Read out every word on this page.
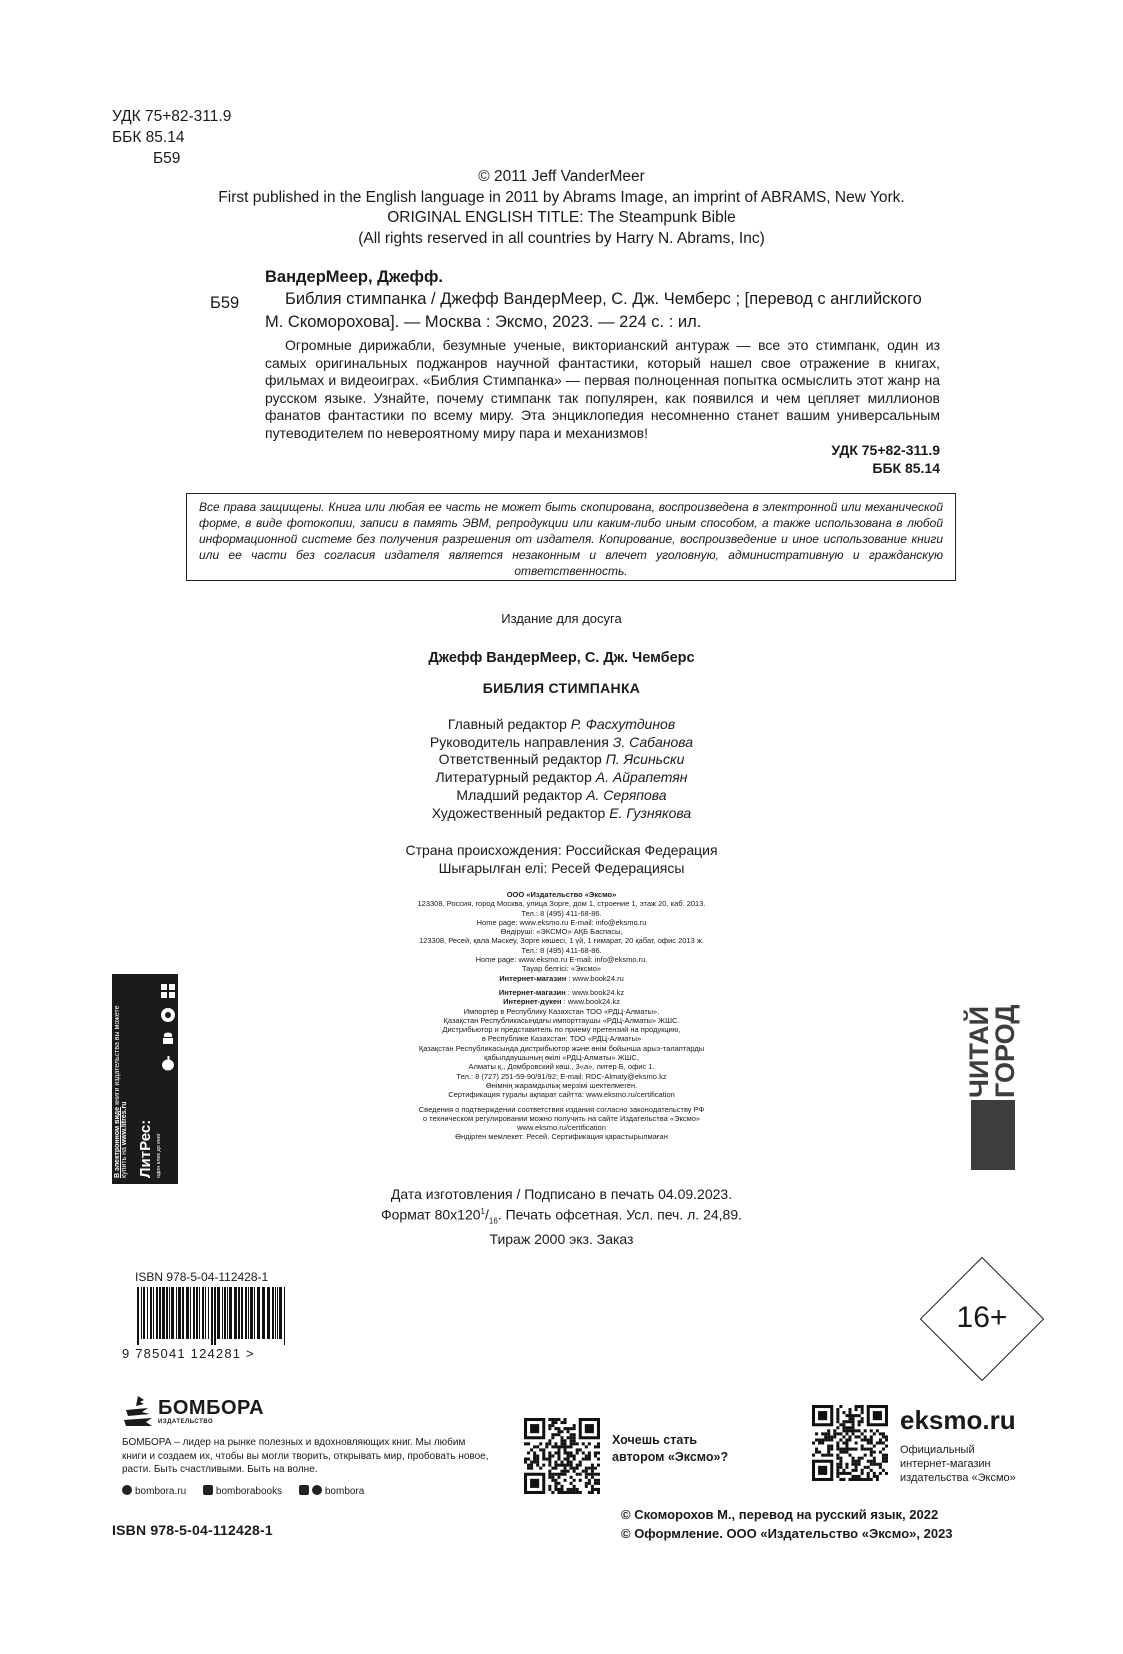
УДК 75+82-311.9
ББК 85.14
Б59
© 2011 Jeff VanderMeer
First published in the English language in 2011 by Abrams Image, an imprint of ABRAMS, New York.
ORIGINAL ENGLISH TITLE: The Steampunk Bible
(All rights reserved in all countries by Harry N. Abrams, Inc)
ВандерМеер, Джефф.
Б59	Библия стимпанка / Джефф ВандерМеер, С. Дж. Чемберс ; [перевод с английского М. Скоморохова]. — Москва : Эксмо, 2023. — 224 с. : ил.
Огромные дирижабли, безумные ученые, викторианский антураж — все это стимпанк, один из самых оригинальных поджанров научной фантастики, который нашел свое отражение в книгах, фильмах и видеоиграх. «Библия Стимпанка» — первая полноценная попытка осмыслить этот жанр на русском языке. Узнайте, почему стимпанк так популярен, как появился и чем цепляет миллионов фанатов фантастики по всему миру. Эта энциклопедия несомненно станет вашим универсальным путеводителем по невероятному миру пара и механизмов!
УДК 75+82-311.9
ББК 85.14
Все права защищены. Книга или любая ее часть не может быть скопирована, воспроизведена в электронной или механической форме, в виде фотокопии, записи в память ЭВМ, репродукции или каким-либо иным способом, а также использована в любой информационной системе без получения разрешения от издателя. Копирование, воспроизведение и иное использование книги или ее части без согласия издателя является незаконным и влечет уголовную, административную и гражданскую ответственность.
Издание для досуга
Джефф ВандерМеер, С. Дж. Чемберс
БИБЛИЯ СТИМПАНКА
Главный редактор Р. Фасхутдинов
Руководитель направления З. Сабанова
Ответственный редактор П. Ясиньски
Литературный редактор А. Айрапетян
Младший редактор А. Серяпова
Художественный редактор Е. Гузнякова
Страна происхождения: Российская Федерация
Шығарылған елі: Ресей Федерациясы
ООО «Издательство «Эксмо»
123308, Россия, город Москва, улица Зорге, дом 1, строение 1, этаж 20, каб. 2013.
Тел.: 8 (495) 411-68-86.
Home page: www.eksmo.ru E-mail: info@eksmo.ru
Өндіруші: «ЭКСМО» АҚБ Баспасы,
123308, Ресей, қала Мәскеу, Зорге көшесі, 1 үй, 1 ғимарат, 20 қабат, офис 2013 ж.
Тел.: 8 (495) 411-68-86.
Home page: www.eksmo.ru E-mail: info@eksmo.ru.
Тауар белгісі: «Эксмо»
Интернет-магазин : www.book24.ru
Интернет-магазин : www.book24.kz
Интернет-дүкен : www.book24.kz
Импортёр в Республику Казахстан ТОО «РДЦ-Алматы».
Қазақстан Республикасындағы импорттаушы «РДЦ-Алматы» ЖШС.
Дистрибьютор и представитель по приему претензий на продукцию,
в Республике Казахстан: ТОО «РДЦ-Алматы»
Қазақстан Республикасында дистрибьютор және өнім бойынша арыз-талаптарды
қабылдаушының өкілі «РДЦ-Алматы» ЖШС,
Алматы қ., Домбровский көш., 3«а», литер Б, офис 1.
Тел.: 8 (727) 251-59-90/91/92; E-mail: RDC-Almaty@eksmo.kz
Өнімнің жарамдылық мерзімі шектелмеген.
Сертификация туралы ақпарат сайтта: www.eksmo.ru/certification
Сведения о подтверждении соответствия издания согласно законодательству РФ
о техническом регулировании можно получить на сайте Издательства «Эксмо»
www.eksmo.ru/certification
Өндірген мемлекет: Ресей. Сертификация қарастырылмаған
Дата изготовления / Подписано в печать 04.09.2023.
Формат $80x120^1/_{16}$. Печать офсетная. Усл. печ. л. 24,89.
Тираж 2000 экз. Заказ
В электронном виде книги издательства вы можете
купить на www.litres.ru ЛитРес: один клик до книг
ЧИТАЙ
ГОРОД
ISBN 978-5-04-112428-1
9 785041 124281 >
16+
БОМБОРА
ИЗДАТЕЛЬСТВО
БОМБОРА – лидер на рынке полезных и вдохновляющих книг. Мы любим книги и создаем их, чтобы вы могли творить, открывать мир, пробовать новое, расти. Быть счастливыми. Быть на волне.
bombora.ru	bomborabooks	bombora
Хочешь стать
автором «Эксмо»?
eksmo.ru
Официальный
интернет-магазин
издательства «Эксмо»
ISBN 978-5-04-112428-1
© Скоморохов М., перевод на русский язык, 2022
© Оформление. ООО «Издательство «Эксмо», 2023
